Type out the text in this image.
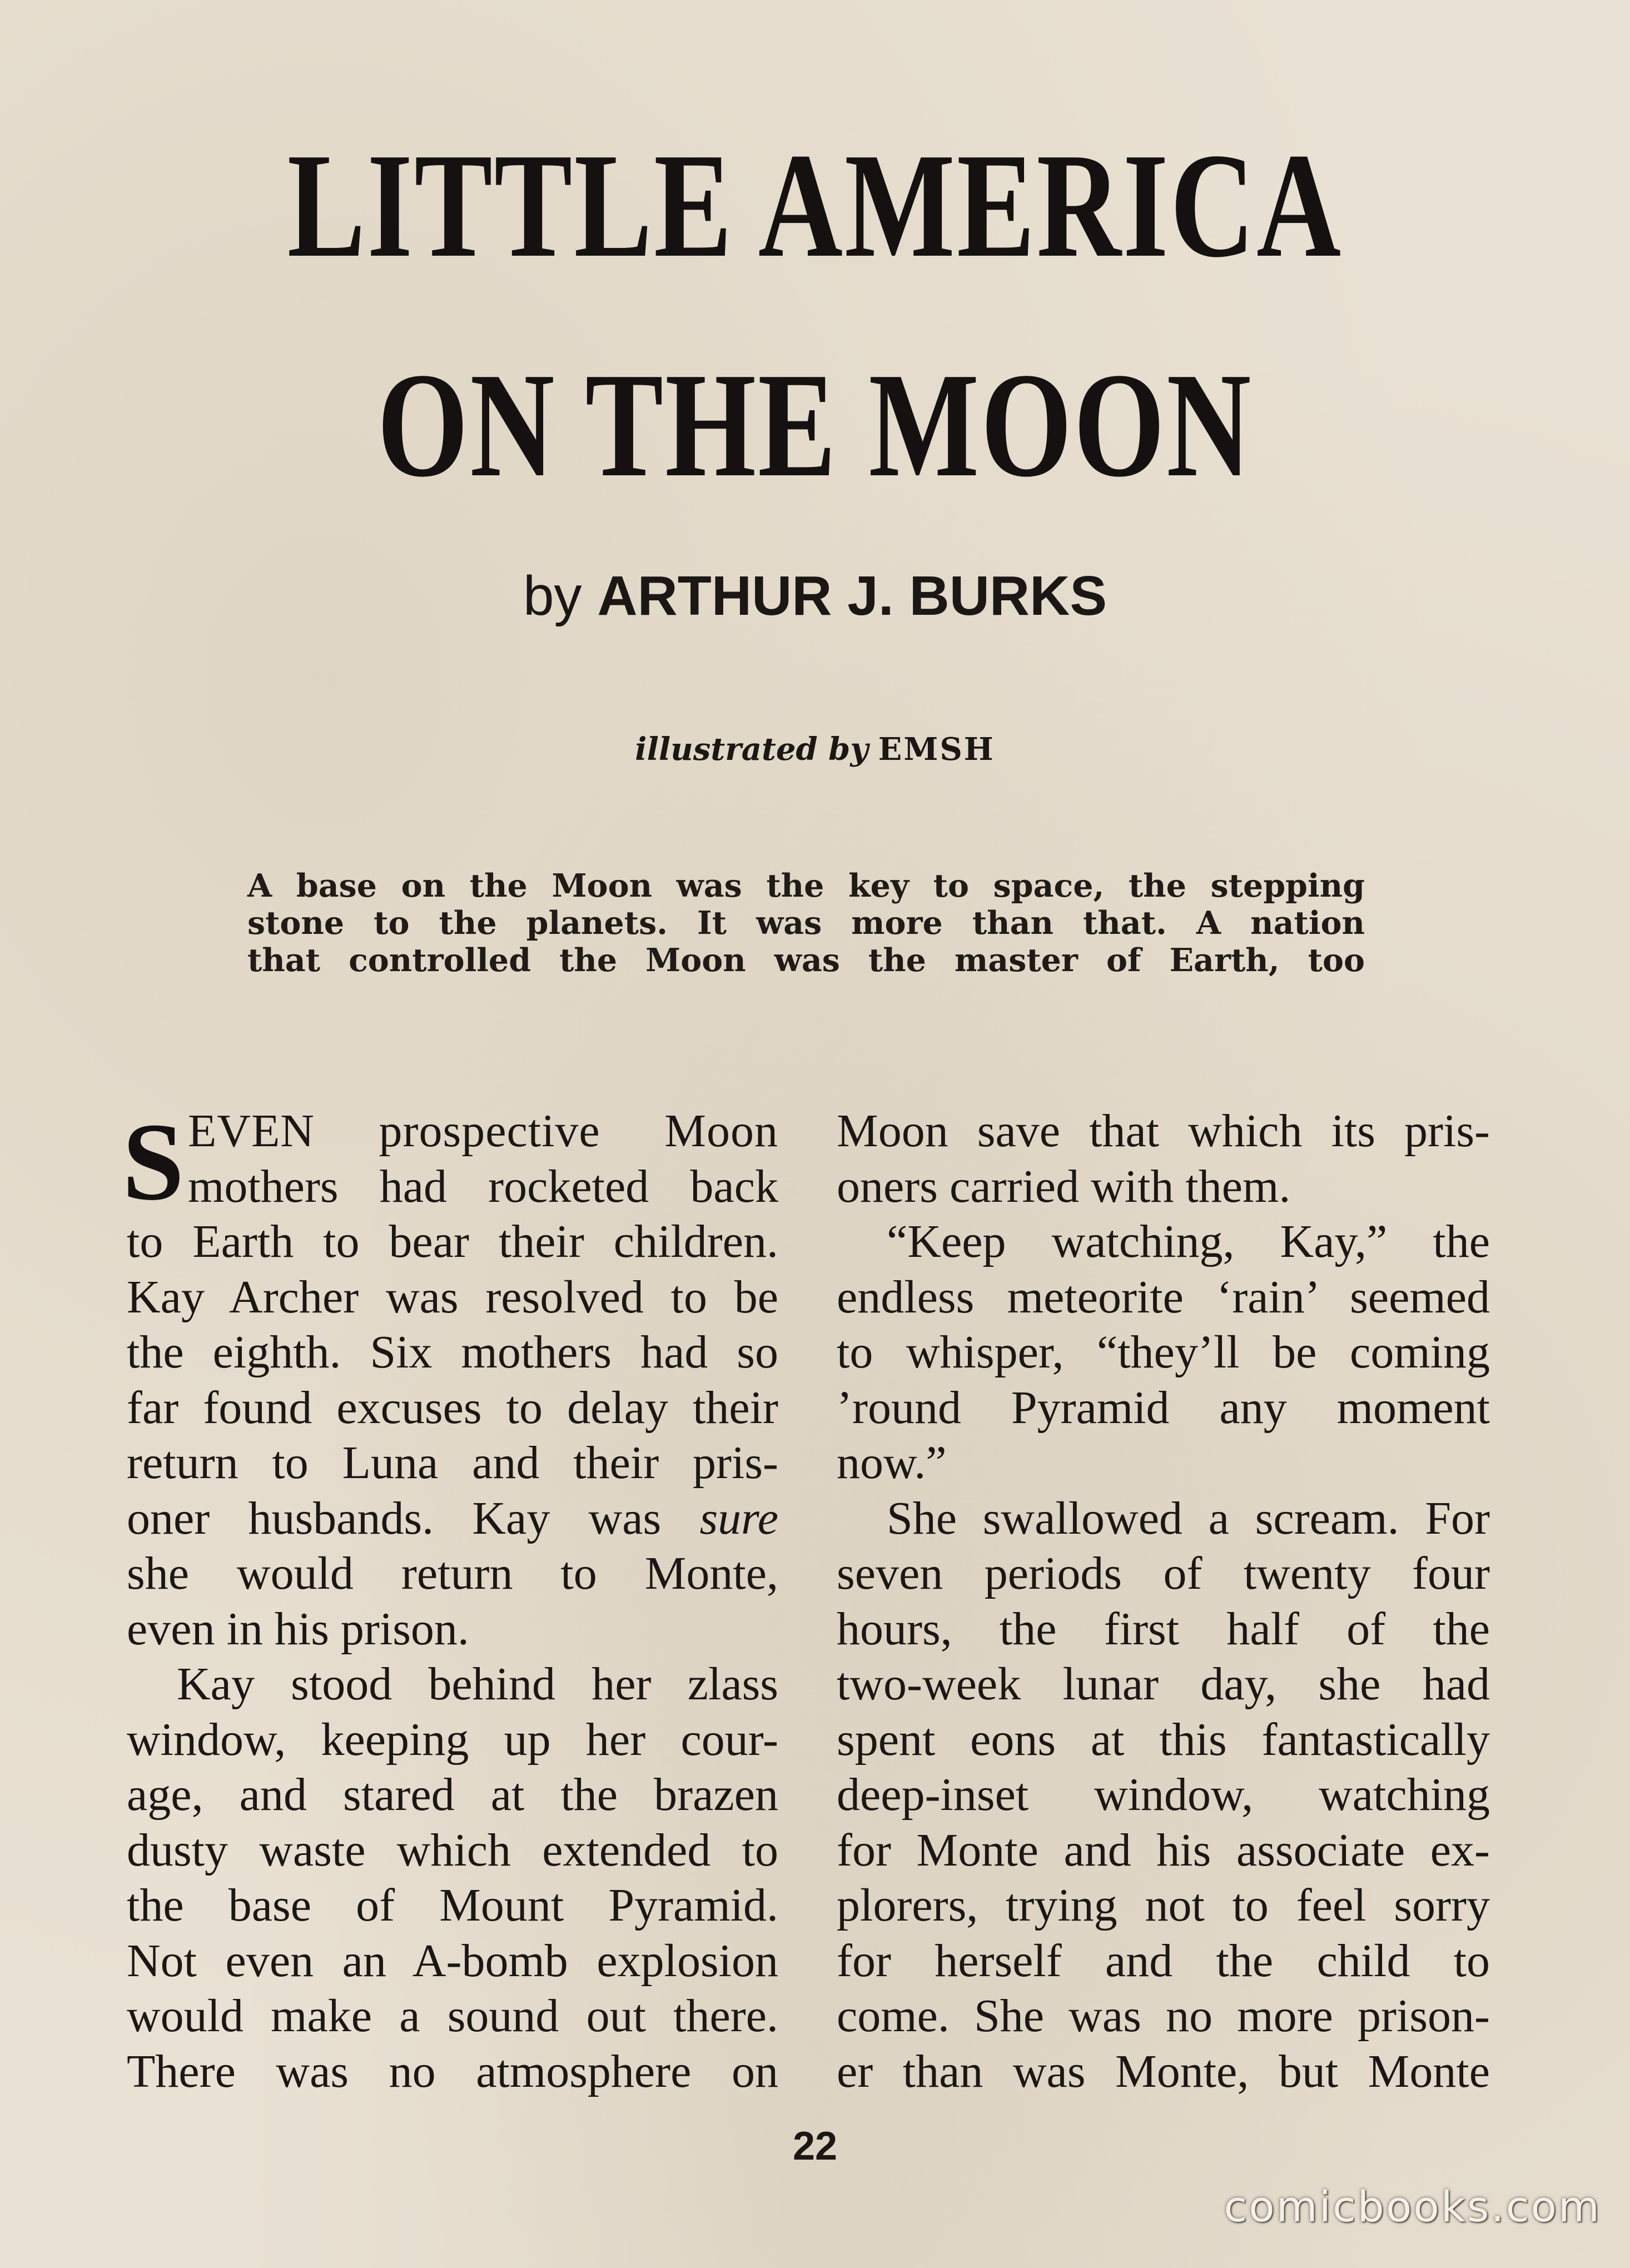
LITTLE AMERICA
ON THE MOON
by ARTHUR J. BURKS
illustrated by EMSH
A base on the Moon was the key to space, the stepping
stone to the planets. It was more than that. A nation
that controlled the Moon was the master of Earth, too
S EVEN prospective Moon
mothers had rocketed back
to Earth to bear their children.
Kay Archer was resolved to be
the eighth. Six mothers had so
far found excuses to delay their
return to Luna and their pris-
oner husbands. Kay was sure
she would return to Monte,
even in his prison.
Kay stood behind her zlass
window, keeping up her cour-
age, and stared at the brazen
dusty waste which extended to
the base of Mount Pyramid.
Not even an A-bomb explosion
would make a sound out there.
There was no atmosphere on
Moon save that which its pris-
oners carried with them.
“Keep watching, Kay,” the
endless meteorite ‘rain’ seemed
to whisper, “they’ll be coming
’round Pyramid any moment
now.”
She swallowed a scream. For
seven periods of twenty four
hours, the first half of the
two-week lunar day, she had
spent eons at this fantastically
deep-inset window, watching
for Monte and his associate ex-
plorers, trying not to feel sorry
for herself and the child to
come. She was no more prison-
er than was Monte, but Monte
22
comicbooks.com
